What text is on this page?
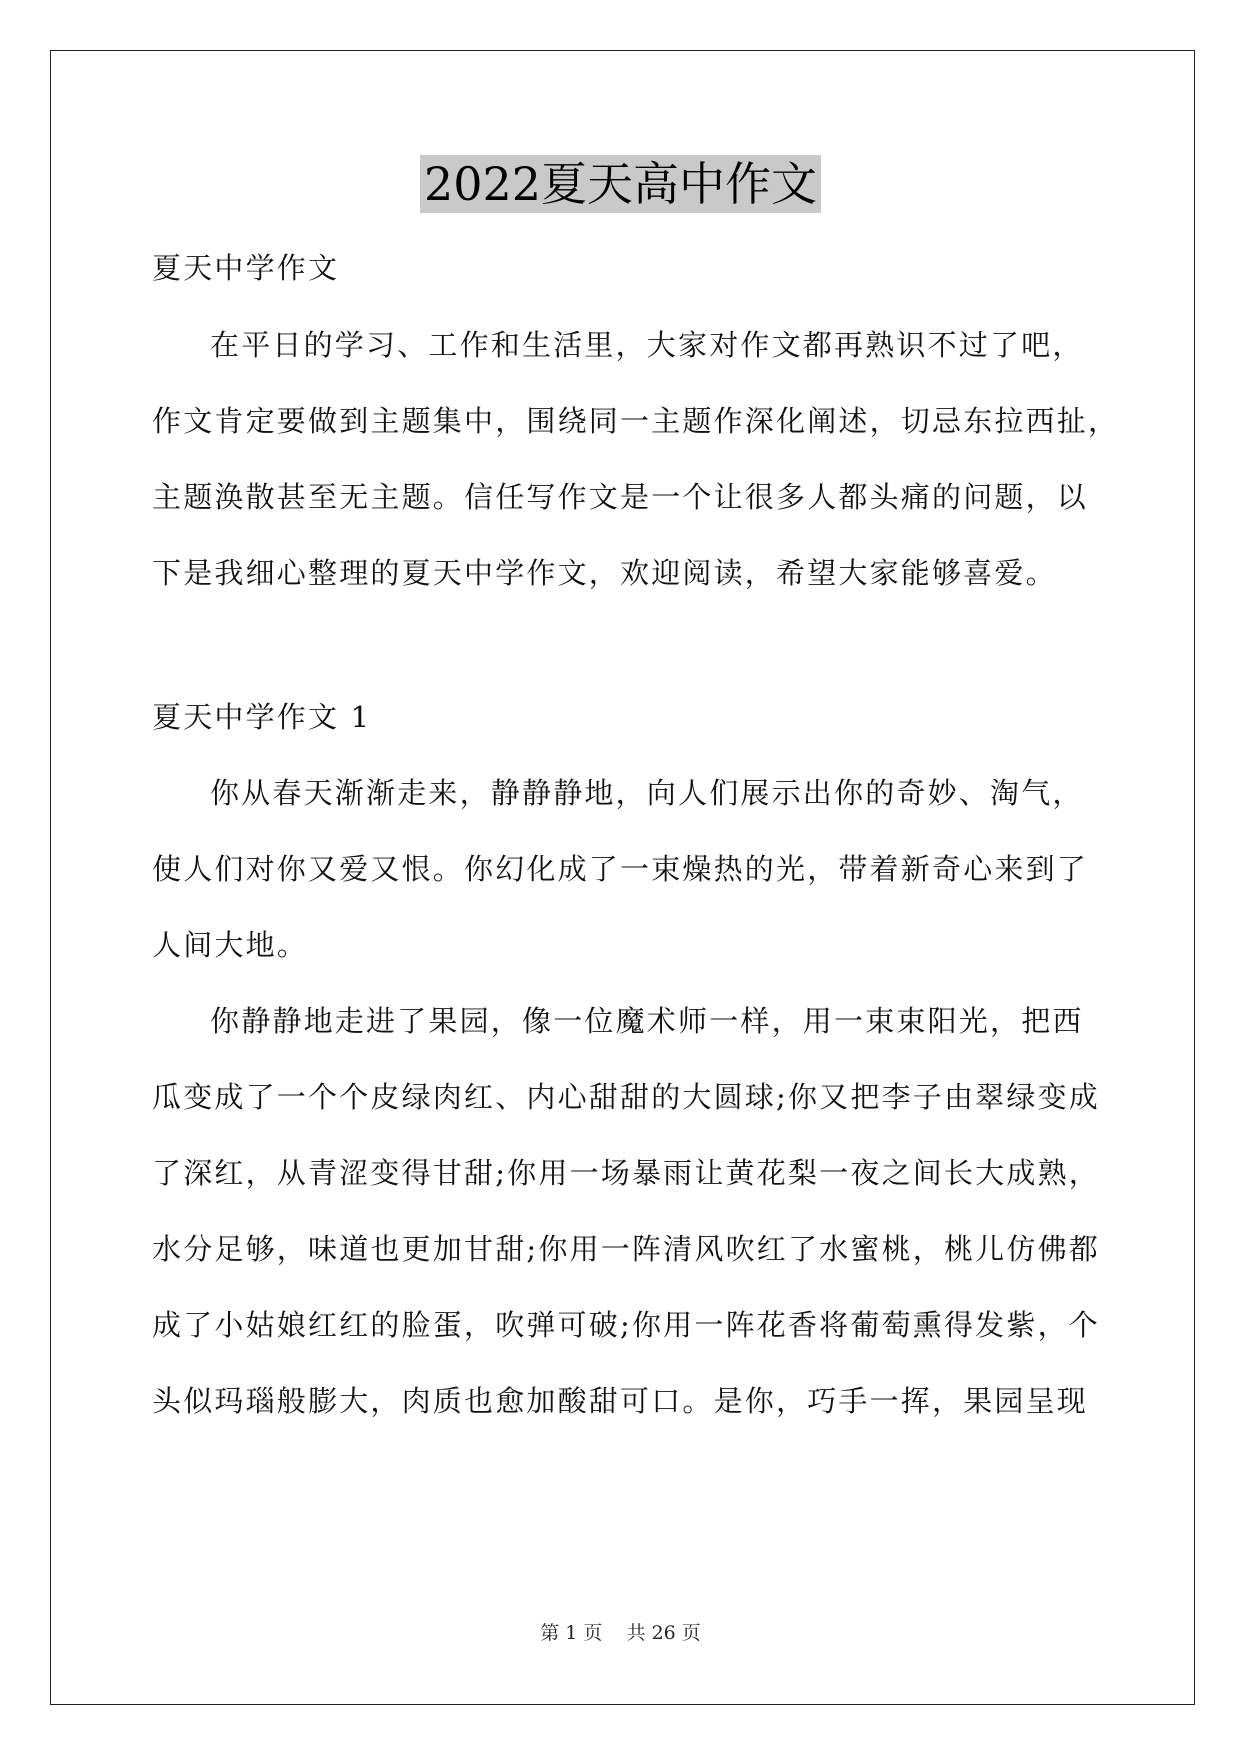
2022夏天高中作文
夏天中学作文
在平日的学习、工作和生活里，大家对作文都再熟识不过了吧，
作文肯定要做到主题集中，围绕同一主题作深化阐述，切忌东拉西扯，
主题涣散甚至无主题。信任写作文是一个让很多人都头痛的问题，以
下是我细心整理的夏天中学作文，欢迎阅读，希望大家能够喜爱。
夏天中学作文 1
你从春天渐渐走来，静静静地，向人们展示出你的奇妙、淘气，
使人们对你又爱又恨。你幻化成了一束燥热的光，带着新奇心来到了
人间大地。
你静静地走进了果园，像一位魔术师一样，用一束束阳光，把西
瓜变成了一个个皮绿肉红、内心甜甜的大圆球;你又把李子由翠绿变成
了深红，从青涩变得甘甜;你用一场暴雨让黄花梨一夜之间长大成熟，
水分足够，味道也更加甘甜;你用一阵清风吹红了水蜜桃，桃儿仿佛都
成了小姑娘红红的脸蛋，吹弹可破;你用一阵花香将葡萄熏得发紫，个
头似玛瑙般膨大，肉质也愈加酸甜可口。是你，巧手一挥，果园呈现
第 1 页 共 26 页
